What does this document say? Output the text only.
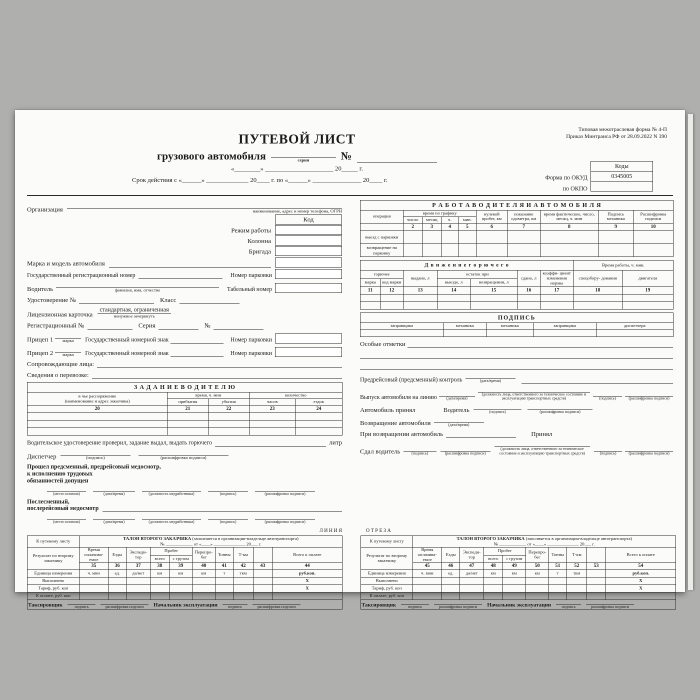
Типовая межотраслевая форма № 4-П
Приказ Минтранса РФ от 28.09.2022 N 390
ПУТЕВОЙ ЛИСТ
грузового автомобиля	серия №
«________» _____________________ 20_____ г.
Срок действия с «______» _____________ 20____ г. по «______» _______________ 20____ г.	Форма по ОКУД
по ОКПО
Коды
0345005

Организация	наименование, адрес и номер телефона, ОГРН
Код
Режим работы
Колонна
Бригада
Марка и модель автомобиля
Государственный регистрационный номер	Номер парковки
Водитель	фамилия, имя, отчество	Табельный номер
Удостоверение №	Класс
Лицензионная карточка
стандартная, ограниченная
ненужное зачеркнуть
Регистрационный №	Серия	№
Прицеп 1 марка Государственный номерной знак	Номер парковки
Прицеп 2 марка Государственный номерной знак	Номер парковки
Сопровождающие лица:
Сведения о перевозке:
З А Д А Н И Е В О Д И Т Е Л Ю				

в чье распоряжение
(наименование и адрес заказчика)	время, ч. мин		количество	
	прибытия	убытия	часов	ездок
20	21	22	23	24

Водительское удостоверение проверил, задание выдал, выдать горючего	литр
Диспетчер	(подпись)	(расшифровка подписи)
Прошел предсменный, предрейсовый медосмотр,
к исполнению трудовых
обязанностей допущен
(место штампа)	(дата/время)	(должность медработника)	(подпись)	(расшифровка подписи)
Послесменный,
послерейсовый медосмотр
(место штампа)	(дата/время)	(должность медработника)	(подпись)	(расшифровка подписи)
Р А Б О Т А В О Д И Т Е Л Я И А В Т О М О Б И Л Я									
операция	время по графику				нулевой пробег, км	показание одометра, км	время фактическое, число, месяц, ч. мин	Подпись механика	Расшифровка подписи
	число	месяц	ч.	мин.					
	2	3	4	5	6	7	8	9	10
выезд с парковки									
возвращение на парковку									
Д в и ж е н и е г о р ю ч е г о							Время работы, ч. мин.	
горючее		выдано, л	остаток при		сдано, л	коэффи- циент изменения нормы	спецобору- дования	двигателя
марка	код марки		выезде, л	возвращении, л				
11	12	13	14	15	16	17	18	19

ПОДПИСЬ				
заправщика	механика	механика	заправщика	диспетчера

Особые отметки
Предрейсовый (предсменный) контроль (дата/время)
Выпуск автомобиля на линию (дата/время)
(должность лица, ответственного за техническое состояние и эксплуатацию транспортных средств)	(подпись) (расшифровка подписи)
Автомобиль принял Водитель (подпись)	(расшифровка подписи)
Возвращение автомобиля (дата/время)
При возвращении автомобиль	Принял
Сдал водитель (подпись) (расшифровка подписи)
(должность лица, ответственного за техническое состояние и эксплуатацию транспортных средств)	(подпись) (расшифровка подписи)
Л И Н И Я О Т Р Е З А
К путевому листу	ТАЛОН ВТОРОГО ЗАКАЗЧИКА (заполняется в организации-владельце автотранспорта)
№ ____________ от «____» ______________ 20___ г.									

Результат по второму заказчику	Время оплачива- емое	Езды	Экспеди- тор	Пробег		Перепро- бег	Тонны	Т-км		Всего к оплате
				всего	с грузом					
	35	36	37	38	39	40	41	42	43	44
Единица измерения	ч. мин	ед.	да/нет	км	км	км	т	ткм		руб.коп.
Выполнено										X
Тариф, руб. коп										X
К оплате, руб. коп										

Таксировщик подпись расшифровка подписи Начальник эксплуатации подпись расшифровка подписи
К путевому листу	ТАЛОН ВТОРОГО ЗАКАЗЧИКА (заполняется в организации-владельце автотранспорта)
№ ____________ от «____» ______________ 20___ г.									

Результат по второму заказчику	Время оплачива- емое	Езды	Экспеди- тор	Пробег		Перепро- бег	Тонны	Т-км		Всего к оплате
				всего	с грузом					
	45	46	47	48	49	50	51	52	53	54
Единица измерения	ч. мин	ед.	да/нет	км	км	км	т	ткм		руб.коп.
Выполнено										X
Тариф, руб. коп										X
К оплате, руб. коп										

Таксировщик подпись расшифровка подписи Начальник эксплуатации подпись расшифровка подписи
